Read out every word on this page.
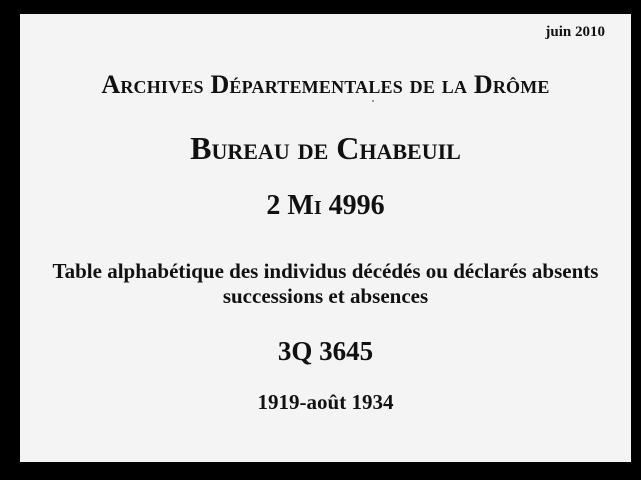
juin 2010
Archives Départementales de la Drôme
Bureau de Chabeuil
2 Mi 4996
Table alphabétique des individus décédés ou déclarés absents
successions et absences
3Q 3645
1919-août 1934
